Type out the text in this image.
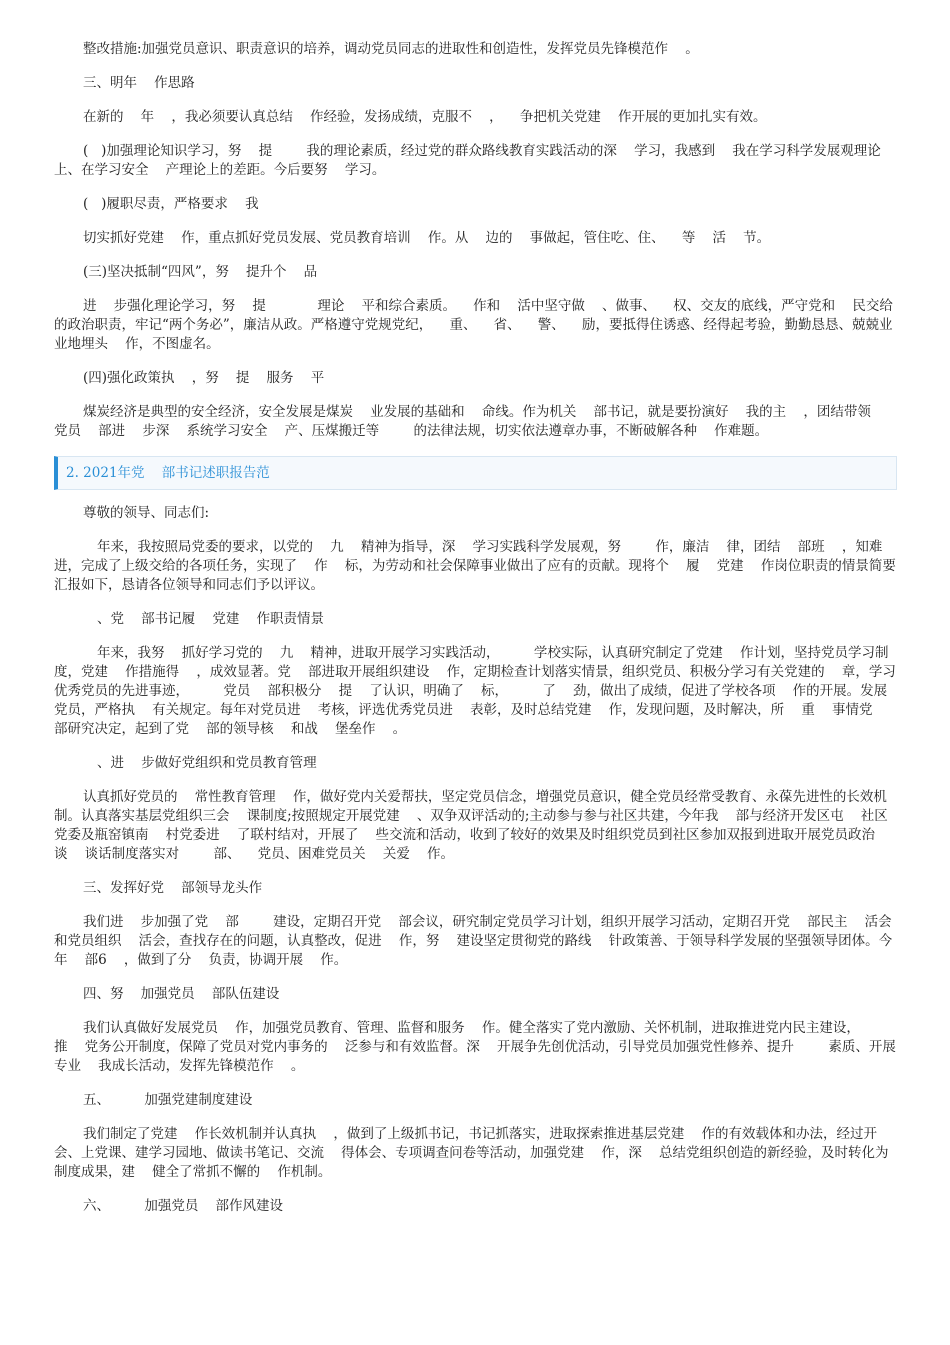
整改措施:加强党员意识、职责意识的培养，调动党员同志的进取性和创造性，发挥党员先锋模范作    。
三、明年    作思路
在新的    年    ，我必须要认真总结    作经验，发扬成绩，克服不    ，    争把机关党建    作开展的更加扎实有效。
(   )加强理论知识学习，努    提        我的理论素质，经过党的群众路线教育实践活动的深    学习，我感到    我在学习科学发展观理论上、在学习安全    产理论上的差距。今后要努    学习。
(   )履职尽责，严格要求    我
切实抓好党建    作，重点抓好党员发展、党员教育培训    作。从    边的    事做起，管住吃、住、    等    活    节。
(三)坚决抵制“四风”，努    提升个    品
进    步强化理论学习，努    提            理论    平和综合素质。    作和    活中坚守做    、做事、    权、交友的底线，严守党和    民交给的政治职责，牢记“两个务必”，廉洁从政。严格遵守党规党纪，    重、    省、    警、    励，要抵得住诱惑、经得起考验，勤勤恳恳、兢兢业业地埋头    作，不图虚名。
(四)强化政策执    ，努    提    服务    平
煤炭经济是典型的安全经济，安全发展是煤炭    业发展的基础和    命线。作为机关    部书记，就是要扮演好    我的主    ，团结带领        党员    部进    步深    系统学习安全    产、压煤搬迁等        的法律法规，切实依法遵章办事，不断破解各种    作难题。
2. 2021年党    部书记述职报告范
尊敬的领导、同志们:
年来，我按照局党委的要求，以党的    九    精神为指导，深    学习实践科学发展观，努        作，廉洁    律，团结    部班    ，知难    进，完成了上级交给的各项任务，实现了    作    标，为劳动和社会保障事业做出了应有的贡献。现将个    履    党建    作岗位职责的情景简要汇报如下，恳请各位领导和同志们予以评议。
、党    部书记履    党建    作职责情景
年来，我努    抓好学习党的    九    精神，进取开展学习实践活动，        学校实际，认真研究制定了党建    作计划，坚持党员学习制度，党建    作措施得    ，成效显著。党    部进取开展组织建设    作，定期检查计划落实情景，组织党员、积极分学习有关党建的    章，学习优秀党员的先进事迹，        党员    部积极分    提    了认识，明确了    标，        了    劲，做出了成绩，促进了学校各项    作的开展。发展党员，严格执    有关规定。每年对党员进    考核，评选优秀党员进    表彰，及时总结党建    作，发现问题，及时解决，所    重    事情党    部研究决定，起到了党    部的领导核    和战    堡垒作    。
、进    步做好党组织和党员教育管理
认真抓好党员的    常性教育管理    作，做好党内关爱帮扶，坚定党员信念，增强党员意识，健全党员经常受教育、永葆先进性的长效机制。认真落实基层党组织三会    课制度;按照规定开展党建    、双争双评活动的;主动参与参与社区共建，今年我    部与经济开发区屯    社区党委及瓶窑镇南    村党委进    了联村结对，开展了    些交流和活动，收到了较好的效果及时组织党员到社区参加双报到进取开展党员政治        谈    谈话制度落实对        部、    党员、困难党员关    关爱    作。
三、发挥好党    部领导龙头作
我们进    步加强了党    部        建设，定期召开党    部会议，研究制定党员学习计划，组织开展学习活动，定期召开党    部民主    活会和党员组织    活会，查找存在的问题，认真整改，促进    作，努    建设坚定贯彻党的路线    针政策善、于领导科学发展的坚强领导团体。今年    部6    ，做到了分    负责，协调开展    作。
四、努    加强党员    部队伍建设
我们认真做好发展党员    作，加强党员教育、管理、监督和服务    作。健全落实了党内激励、关怀机制，进取推进党内民主建设，        推    党务公开制度，保障了党员对党内事务的    泛参与和有效监督。深    开展争先创优活动，引导党员加强党性修养、提升        素质、开展专业    我成长活动，发挥先锋模范作    。
五、        加强党建制度建设
我们制定了党建    作长效机制并认真执    ，做到了上级抓书记，书记抓落实，进取探索推进基层党建    作的有效载体和办法，经过开会、上党课、建学习园地、做读书笔记、交流    得体会、专项调查问卷等活动，加强党建    作，深    总结党组织创造的新经验，及时转化为制度成果，建    健全了常抓不懈的    作机制。
六、        加强党员    部作风建设
